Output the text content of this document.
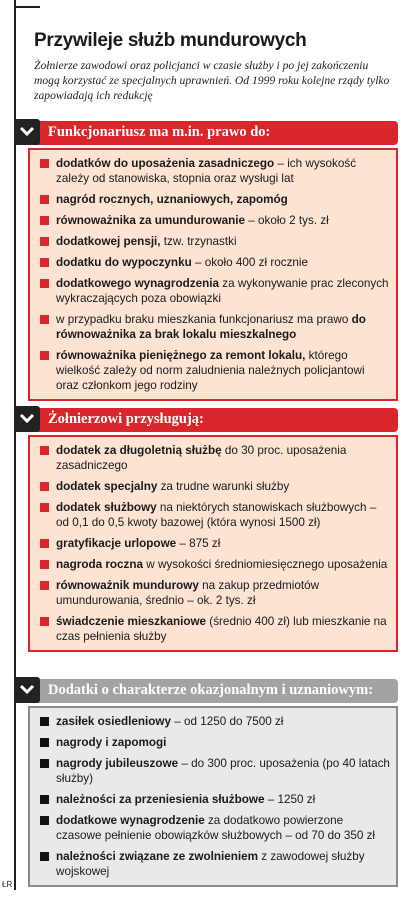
Przywileje służb mundurowych

Żołnierze zawodowi oraz policjanci w czasie służby i po jej zakończeniu mogą korzystać ze specjalnych uprawnień. Od 1999 roku kolejne rządy tylko zapowiadają ich redukcję

Funkcjonariusz ma m.in. prawo do:
dodatków do uposażenia zasadniczego – ich wysokość zależy od stanowiska, stopnia oraz wysługi lat
nagród rocznych, uznaniowych, zapomóg
równoważnika za umundurowanie – około 2 tys. zł
dodatkowej pensji, tzw. trzynastki
dodatku do wypoczynku – około 400 zł rocznie
dodatkowego wynagrodzenia za wykonywanie prac zleconych wykraczających poza obowiązki
w przypadku braku mieszkania funkcjonariusz ma prawo do równoważnika za brak lokalu mieszkalnego
równoważnika pieniężnego za remont lokalu, którego wielkość zależy od norm zaludnienia należnych policjantowi oraz członkom jego rodziny
Żołnierzowi przysługują:
dodatek za długoletnią służbę do 30 proc. uposażenia zasadniczego
dodatek specjalny za trudne warunki służby
dodatek służbowy na niektórych stanowiskach służbowych – od 0,1 do 0,5 kwoty bazowej (która wynosi 1500 zł)
gratyfikacje urlopowe – 875 zł
nagroda roczna w wysokości średniomiesięcznego uposażenia
równoważnik mundurowy na zakup przedmiotów umundurowania, średnio – ok. 2 tys. zł
świadczenie mieszkaniowe (średnio 400 zł) lub mieszkanie na czas pełnienia służby
Dodatki o charakterze okazjonalnym i uznaniowym:
zasiłek osiedleniowy – od 1250 do 7500 zł
nagrody i zapomogi
nagrody jubileuszowe – do 300 proc. uposażenia (po 40 latach służby)
należności za przeniesienia służbowe – 1250 zł
dodatkowe wynagrodzenie za dodatkowo powierzone czasowe pełnienie obowiązków służbowych – od 70 do 350 zł
należności związane ze zwolnieniem z zawodowej służby wojskowej
ŁR
